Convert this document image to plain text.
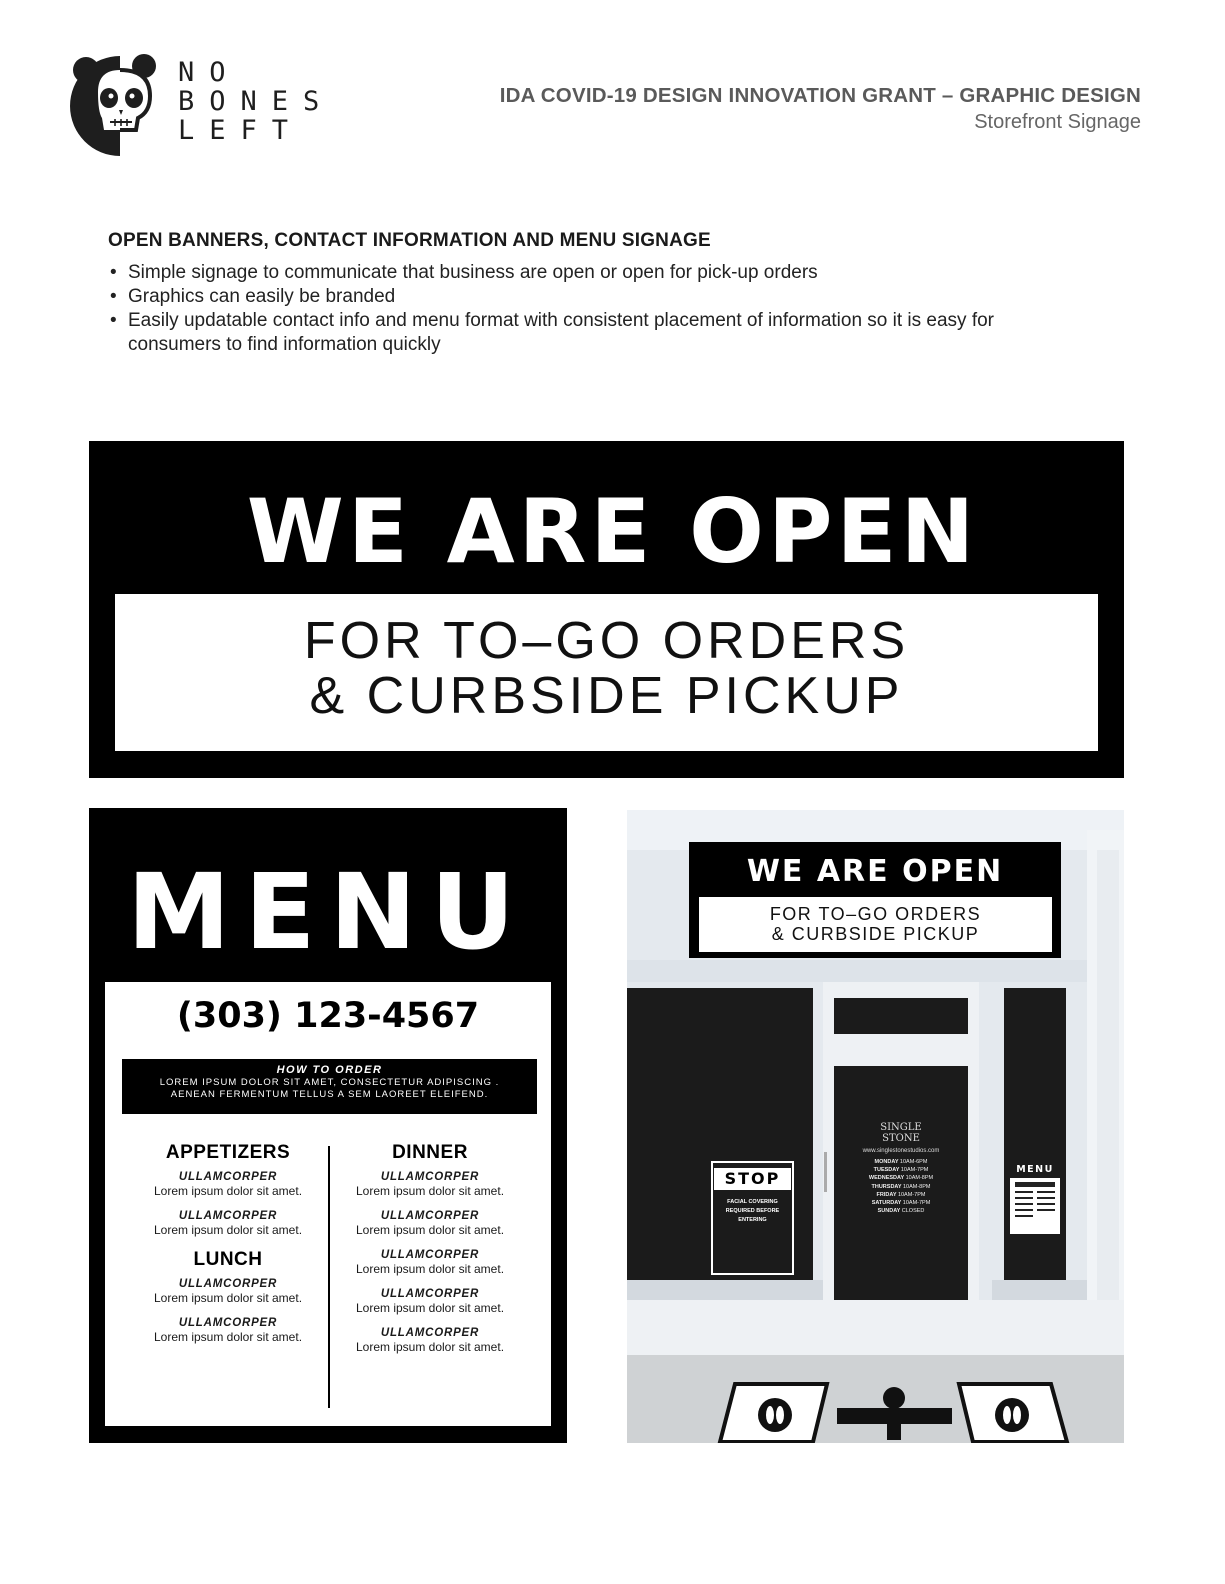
NO
BONES
LEFT
IDA COVID-19 DESIGN INNOVATION GRANT – GRAPHIC DESIGN
Storefront Signage
OPEN BANNERS, CONTACT INFORMATION AND MENU SIGNAGE
• Simple signage to communicate that business are open or open for pick-up orders
• Graphics can easily be branded
• Easily updatable contact info and menu format with consistent placement of information so it is easy for consumers to find information quickly
WE ARE OPEN
FOR TO–GO ORDERS
& CURBSIDE PICKUP
MENU
(303) 123-4567
HOW TO ORDER
LOREM IPSUM DOLOR SIT AMET, CONSECTETUR ADIPISCING .
AENEAN FERMENTUM TELLUS A SEM LAOREET ELEIFEND.
APPETIZERS
ULLAMCORPER
Lorem ipsum dolor sit amet.
ULLAMCORPER
Lorem ipsum dolor sit amet.
LUNCH
ULLAMCORPER
Lorem ipsum dolor sit amet.
ULLAMCORPER
Lorem ipsum dolor sit amet.
DINNER
ULLAMCORPER
Lorem ipsum dolor sit amet.
ULLAMCORPER
Lorem ipsum dolor sit amet.
ULLAMCORPER
Lorem ipsum dolor sit amet.
ULLAMCORPER
Lorem ipsum dolor sit amet.
ULLAMCORPER
Lorem ipsum dolor sit amet.
WE ARE OPEN
FOR TO–GO ORDERS
& CURBSIDE PICKUP
SINGLE
STONE
www.singlestonestudios.com
MONDAY 10AM-6PM
TUESDAY 10AM-7PM
WEDNESDAY 10AM-8PM
THURSDAY 10AM-8PM
FRIDAY 10AM-7PM
SATURDAY 10AM-7PM
SUNDAY CLOSED
STOP
FACIAL COVERING REQUIRED BEFORE ENTERING
MENU
